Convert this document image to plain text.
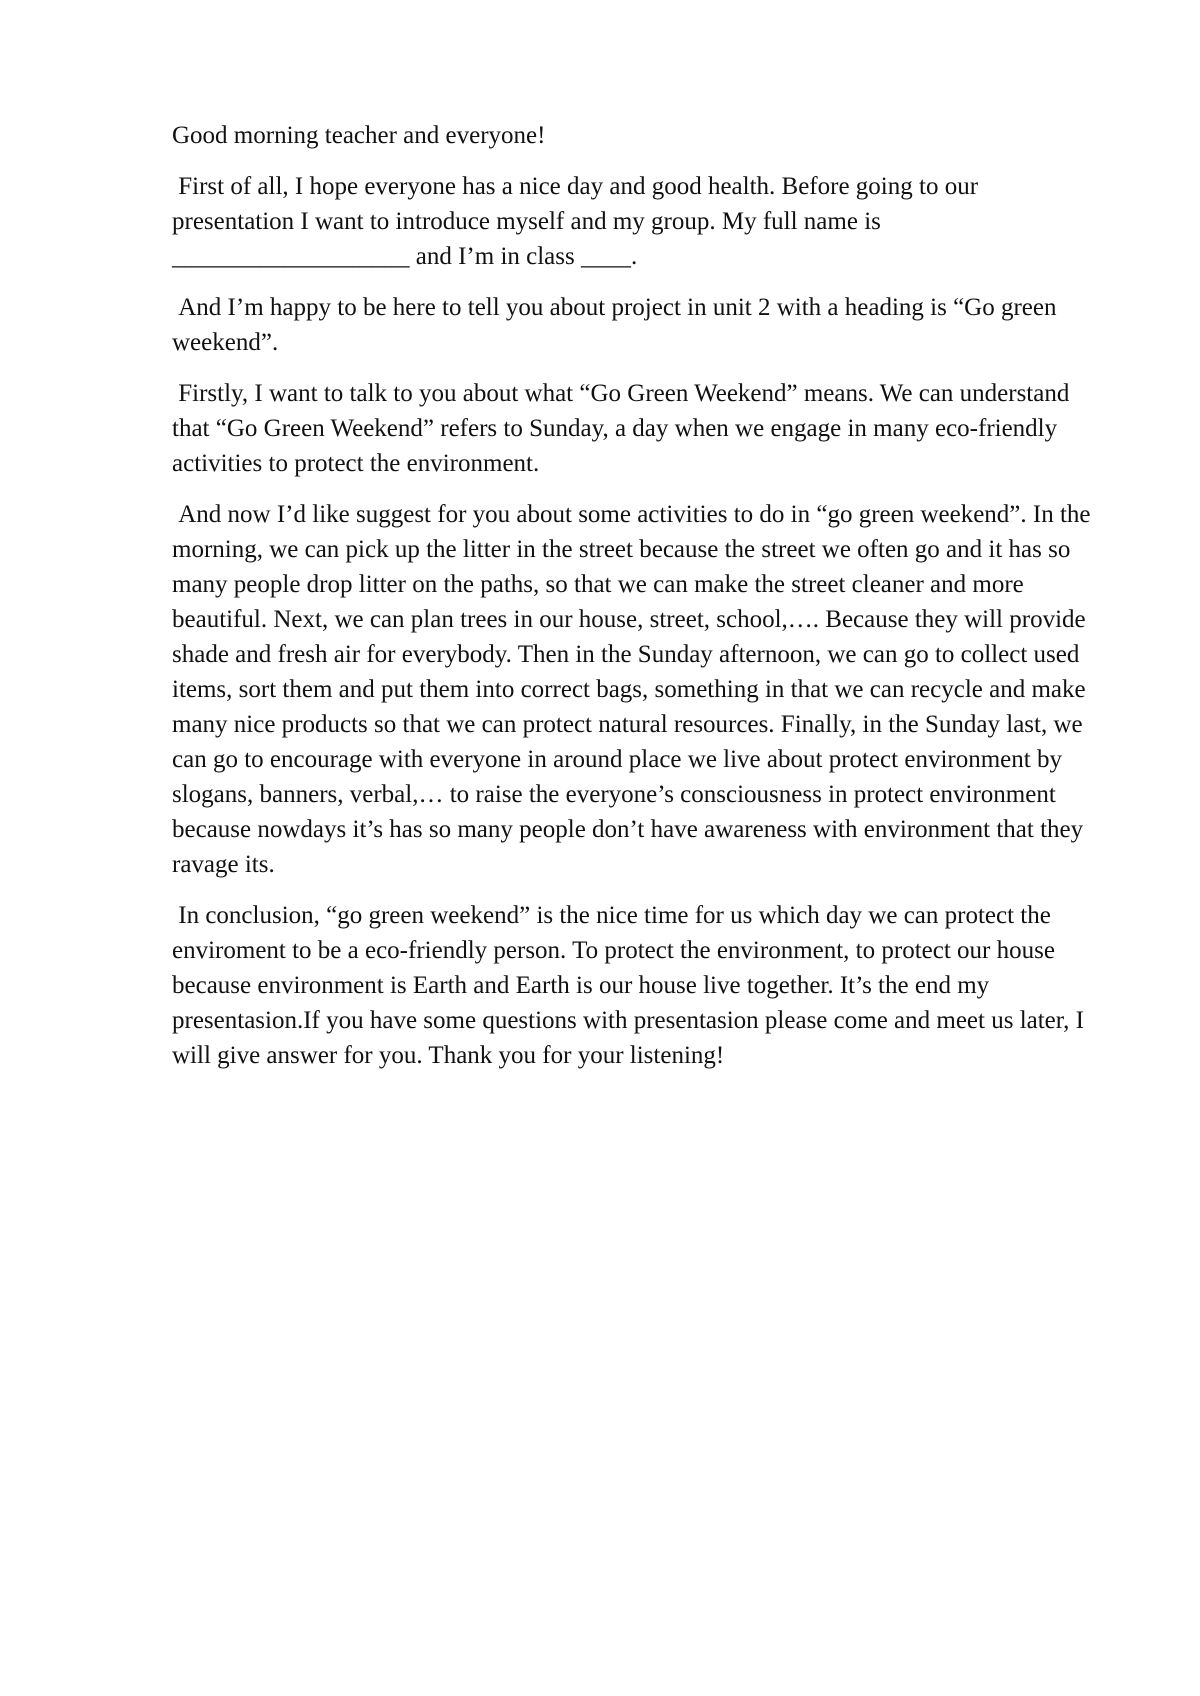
Good morning teacher and everyone!

First of all, I hope everyone has a nice day and good health. Before going to our presentation I want to introduce myself and my group. My full name is ___________________ and I’m in class ____.

And I’m happy to be here to tell you about project in unit 2 with a heading is “Go green weekend”.

Firstly, I want to talk to you about what “Go Green Weekend” means. We can understand that “Go Green Weekend” refers to Sunday, a day when we engage in many eco-friendly activities to protect the environment.

And now I’d like suggest for you about some activities to do in “go green weekend”. In the morning, we can pick up the litter in the street because the street we often go and it has so many people drop litter on the paths, so that we can make the street cleaner and more beautiful. Next, we can plan trees in our house, street, school,…. Because they will provide shade and fresh air for everybody. Then in the Sunday afternoon, we can go to collect used items, sort them and put them into correct bags, something in that we can recycle and make many nice products so that we can protect natural resources. Finally, in the Sunday last, we can go to encourage with everyone in around place we live about protect environment by slogans, banners, verbal,… to raise the everyone’s consciousness in protect environment because nowdays it’s has so many people don’t have awareness with environment that they ravage its.

In conclusion, “go green weekend” is the nice time for us which day we can protect the enviroment to be a eco-friendly person. To protect the environment, to protect our house because environment is Earth and Earth is our house live together. It’s the end my presentasion.If you have some questions with presentasion please come and meet us later, I will give answer for you. Thank you for your listening!
